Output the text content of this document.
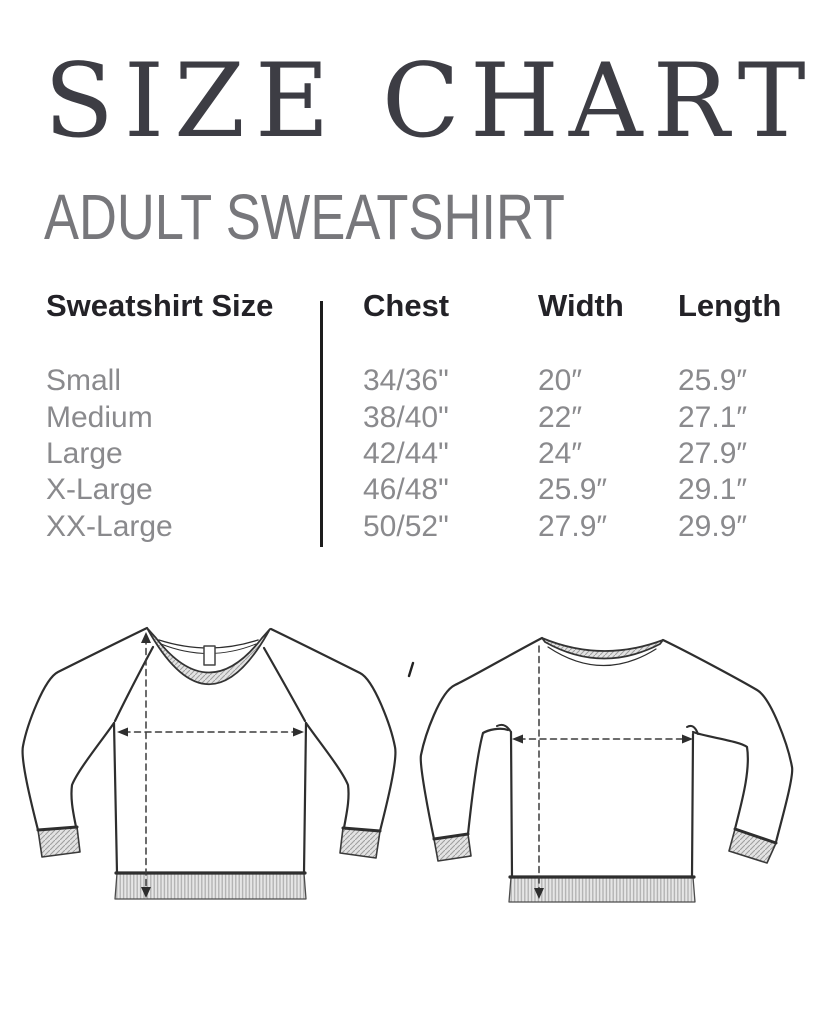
SIZE CHART
ADULT SWEATSHIRT
Sweatshirt Size	Chest	Width Length
Small	34/36"	20″	25.9″
Medium	38/40"	22″	27.1″
Large	42/44"	24″	27.9″
X-Large	46/48"	25.9″ 29.1″
XX-Large	50/52"	27.9″ 29.9″
